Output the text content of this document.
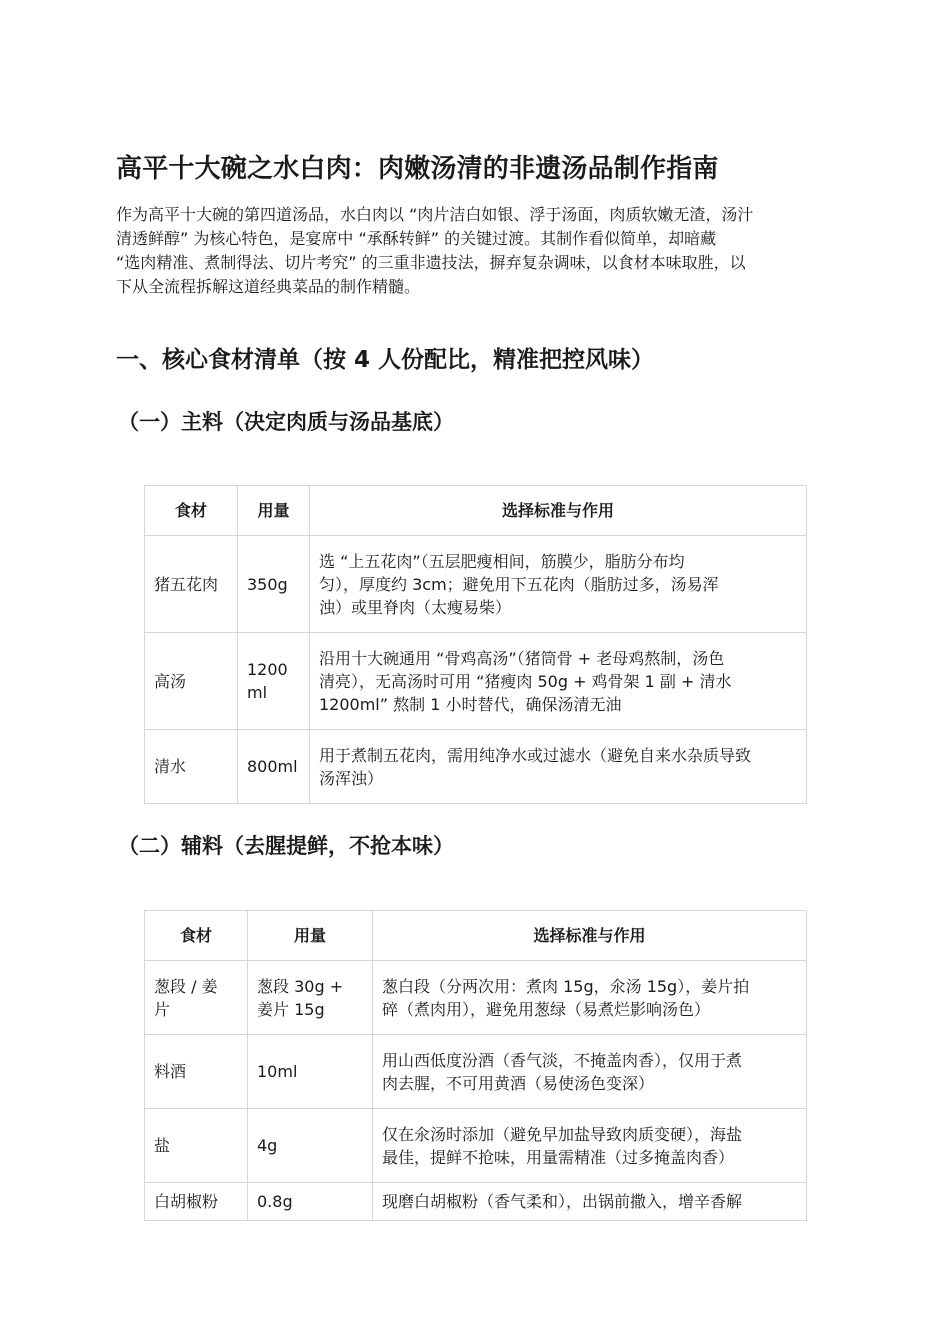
高平十大碗之水白肉：肉嫩汤清的非遗汤品制作指南

作为高平十大碗的第四道汤品，水白肉以 “肉片洁白如银、浮于汤面，肉质软嫩无渣，汤汁
清透鲜醇” 为核心特色，是宴席中 “承酥转鲜” 的关键过渡。其制作看似简单，却暗藏
“选肉精准、煮制得法、切片考究” 的三重非遗技法，摒弃复杂调味，以食材本味取胜，以
下从全流程拆解这道经典菜品的制作精髓。

一、核心食材清单（按 4 人份配比，精准把控风味）
（一）主料（决定肉质与汤品基底）
食材	用量	选择标准与作用

猪五花肉	350g	选 “上五花肉”（五层肥瘦相间，筋膜少，脂肪分布均
匀），厚度约 3cm；避免用下五花肉（脂肪过多，汤易浑
浊）或里脊肉（太瘦易柴）

高汤	1200
ml	沿用十大碗通用 “骨鸡高汤”（猪筒骨 + 老母鸡熬制，汤色
清亮），无高汤时可用 “猪瘦肉 50g + 鸡骨架 1 副 + 清水
1200ml” 熬制 1 小时替代，确保汤清无油

清水	800ml	用于煮制五花肉，需用纯净水或过滤水（避免自来水杂质导致
汤浑浊）
（二）辅料（去腥提鲜，不抢本味）
食材	用量	选择标准与作用

葱段 / 姜
片	葱段 30g +
姜片 15g	葱白段（分两次用：煮肉 15g，氽汤 15g），姜片拍
碎（煮肉用），避免用葱绿（易煮烂影响汤色）

料酒	10ml	用山西低度汾酒（香气淡，不掩盖肉香），仅用于煮
肉去腥，不可用黄酒（易使汤色变深）

盐	4g	仅在氽汤时添加（避免早加盐导致肉质变硬），海盐
最佳，提鲜不抢味，用量需精准（过多掩盖肉香）

白胡椒粉	0.8g	现磨白胡椒粉（香气柔和），出锅前撒入，增辛香解
